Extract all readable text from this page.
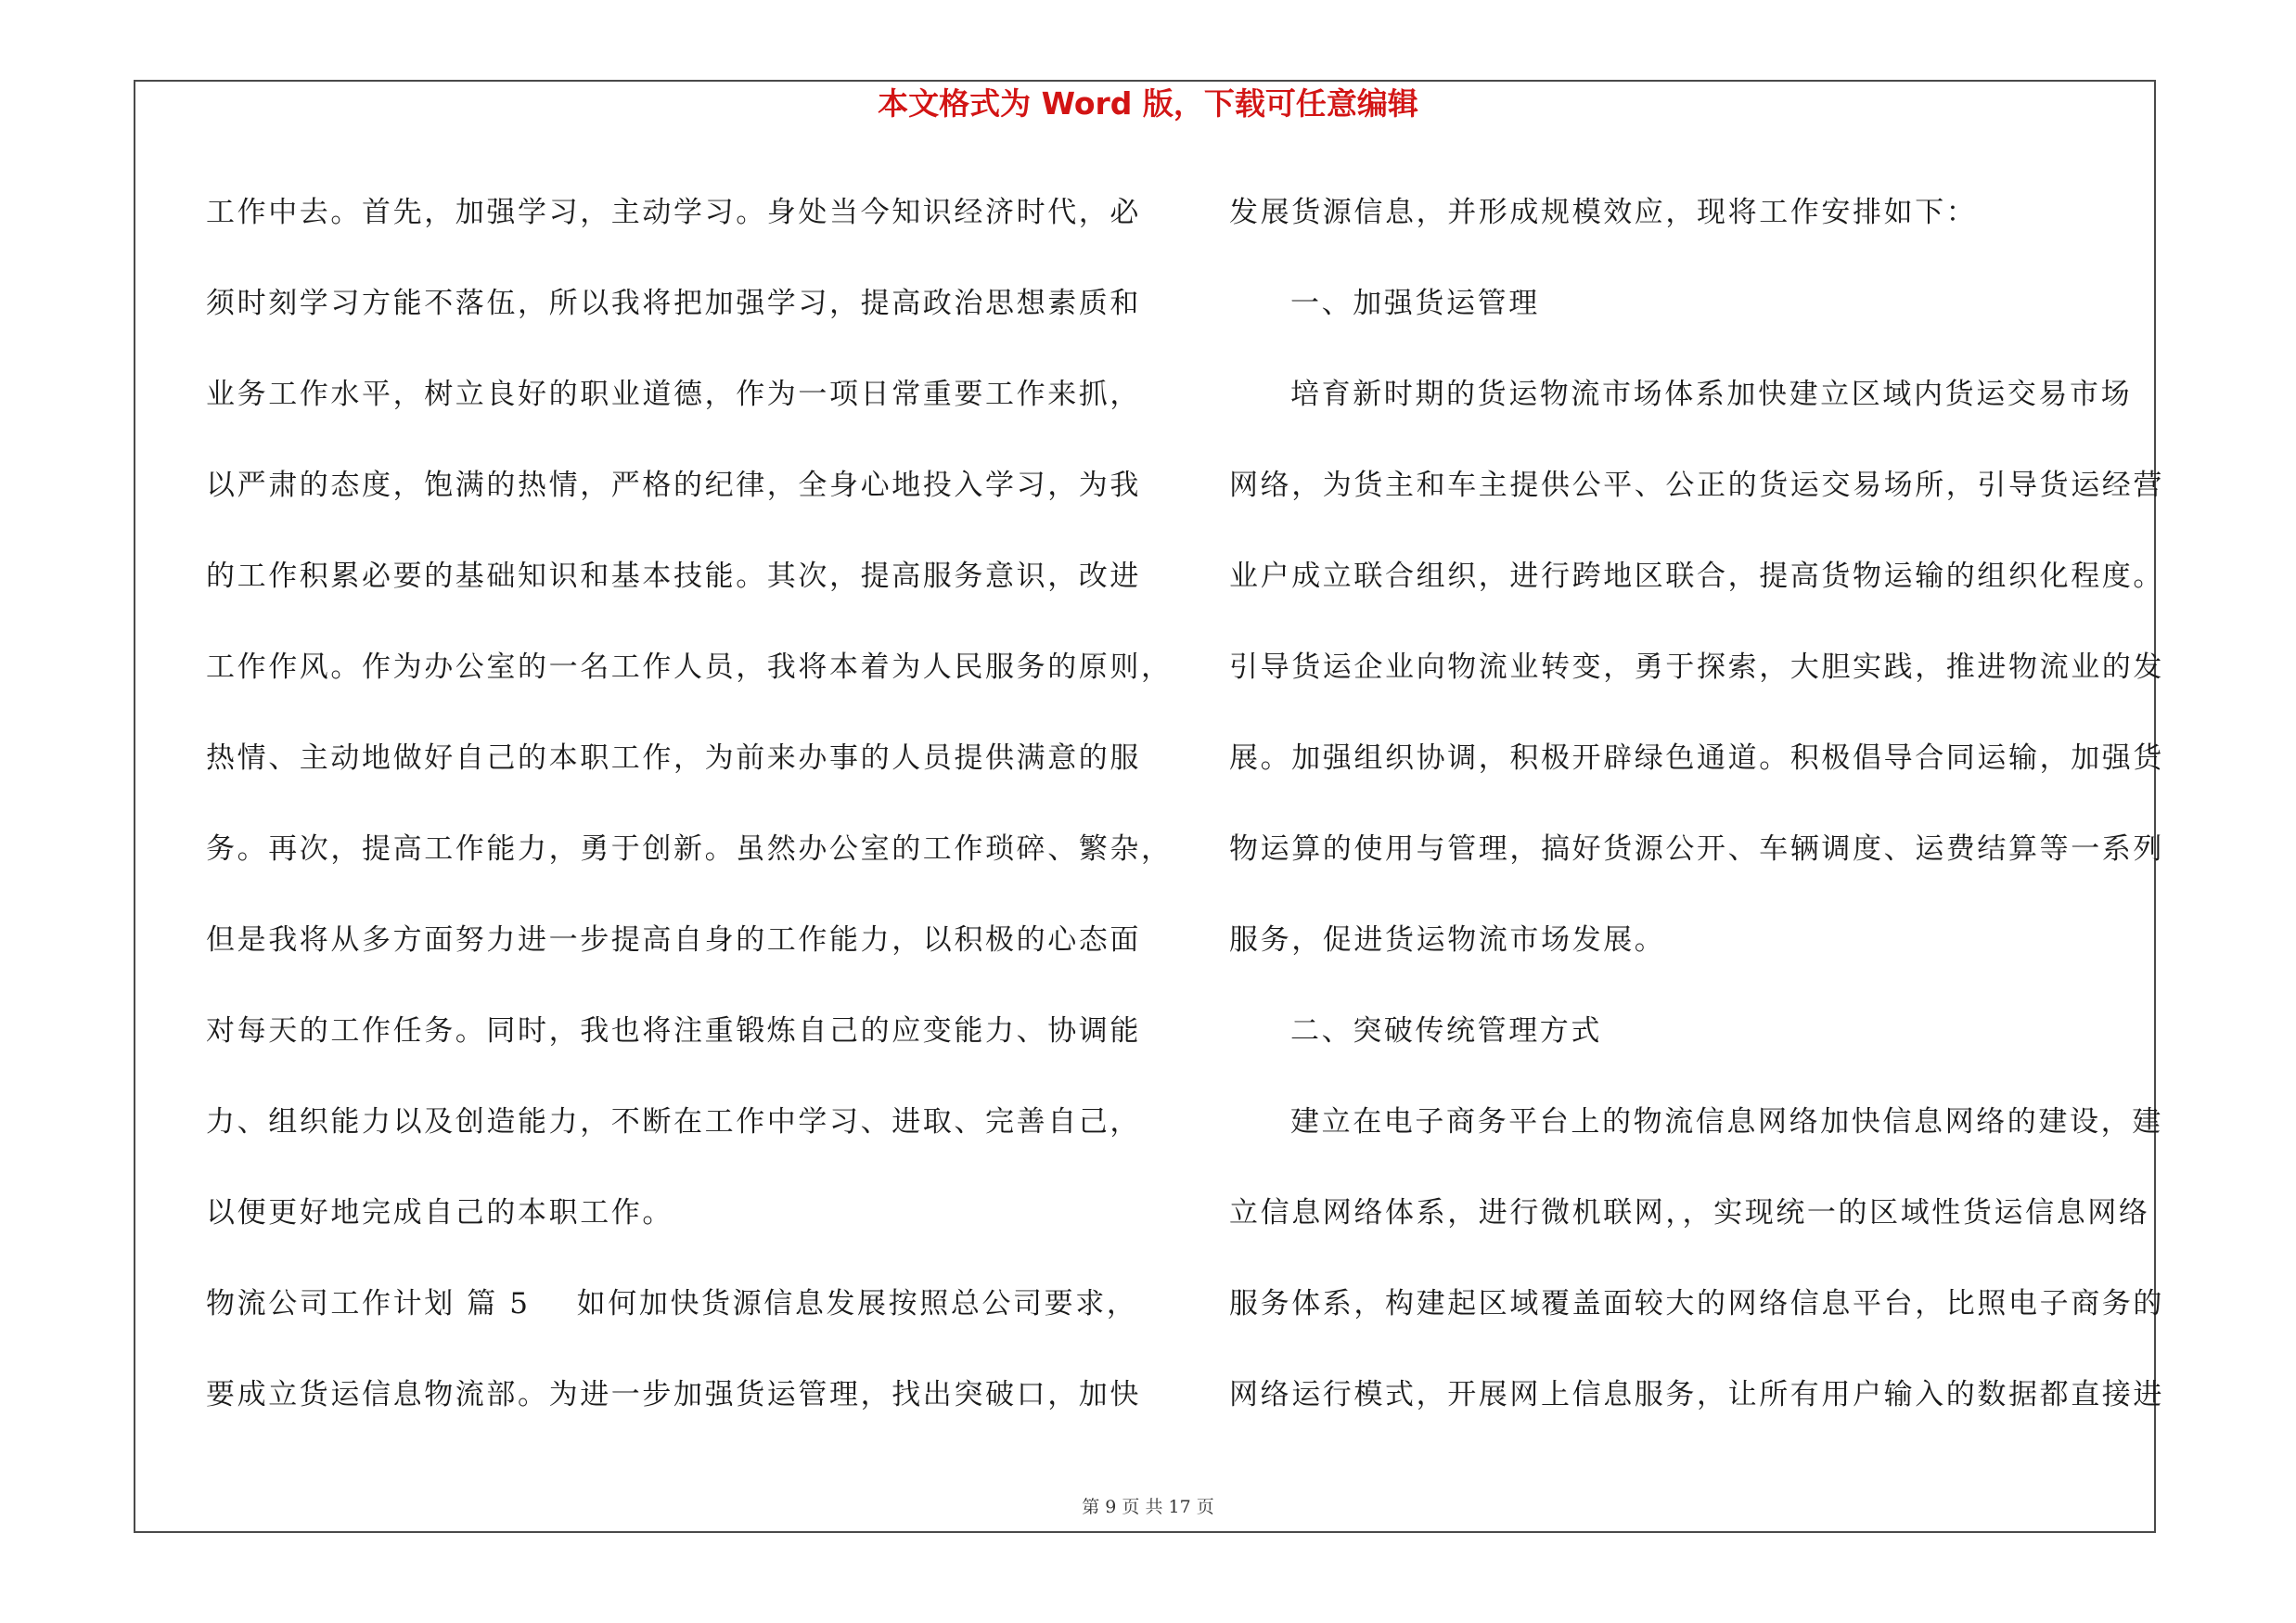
本文格式为 Word 版，下载可任意编辑
工作中去。首先，加强学习，主动学习。身处当今知识经济时代，必
须时刻学习方能不落伍，所以我将把加强学习，提高政治思想素质和
业务工作水平，树立良好的职业道德，作为一项日常重要工作来抓，
以严肃的态度，饱满的热情，严格的纪律，全身心地投入学习，为我
的工作积累必要的基础知识和基本技能。其次，提高服务意识，改进
工作作风。作为办公室的一名工作人员，我将本着为人民服务的原则，
热情、主动地做好自己的本职工作，为前来办事的人员提供满意的服
务。再次，提高工作能力，勇于创新。虽然办公室的工作琐碎、繁杂，
但是我将从多方面努力进一步提高自身的工作能力，以积极的心态面
对每天的工作任务。同时，我也将注重锻炼自己的应变能力、协调能
力、组织能力以及创造能力，不断在工作中学习、进取、完善自己，
以便更好地完成自己的本职工作。
物流公司工作计划 篇 5 如何加快货源信息发展按照总公司要求，
要成立货运信息物流部。为进一步加强货运管理，找出突破口，加快
发展货源信息，并形成规模效应，现将工作安排如下：
一、加强货运管理
培育新时期的货运物流市场体系加快建立区域内货运交易市场
网络，为货主和车主提供公平、公正的货运交易场所，引导货运经营
业户成立联合组织，进行跨地区联合，提高货物运输的组织化程度。
引导货运企业向物流业转变，勇于探索，大胆实践，推进物流业的发
展。加强组织协调，积极开辟绿色通道。积极倡导合同运输，加强货
物运算的使用与管理，搞好货源公开、车辆调度、运费结算等一系列
服务，促进货运物流市场发展。
二、突破传统管理方式
建立在电子商务平台上的物流信息网络加快信息网络的建设，建
立信息网络体系，进行微机联网，，实现统一的区域性货运信息网络
服务体系，构建起区域覆盖面较大的网络信息平台，比照电子商务的
网络运行模式，开展网上信息服务，让所有用户输入的数据都直接进
第 9 页 共 17 页
